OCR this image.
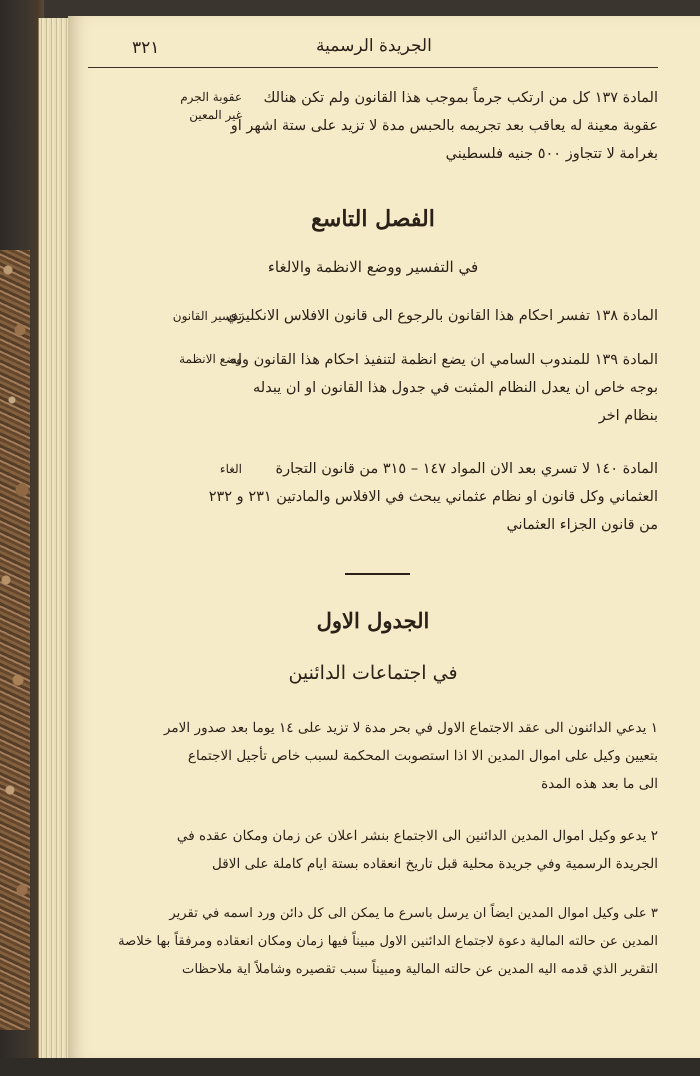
٣٢١	الجريدة الرسمية
المادة ١٣٧ كل من ارتكب جرماً بموجب هذا القانون ولم تكن هنالك
عقوبة معينة له يعاقب بعد تجريمه بالحبس مدة لا تزيد على ستة اشهر او
بغرامة لا تتجاوز ٥٠٠ جنيه فلسطيني
عقوبة الجرم
غير المعين
الفصل التاسع
في التفسير ووضع الانظمة والالغاء
المادة ١٣٨ تفسر احكام هذا القانون بالرجوع الى قانون الافلاس الانكليزي
تفسير القانون
المادة ١٣٩ للمندوب السامي ان يضع انظمة لتنفيذ احكام هذا القانون وله
بوجه خاص ان يعدل النظام المثبت في جدول هذا القانون او ان يبدله
بنظام اخر
وضع الانظمة
المادة ١٤٠ لا تسري بعد الان المواد ١٤٧ – ٣١٥ من قانون التجارة
العثماني وكل قانون او نظام عثماني يبحث في الافلاس والمادتين ٢٣١ و ٢٣٢
من قانون الجزاء العثماني
الغاء
الجدول الاول
في اجتماعات الدائنين
١ يدعي الدائنون الى عقد الاجتماع الاول في بحر مدة لا تزيد على ١٤ يوما بعد صدور الامر
بتعيين وكيل على اموال المدين الا اذا استصوبت المحكمة لسبب خاص تأجيل الاجتماع
الى ما بعد هذه المدة
٢ يدعو وكيل اموال المدين الدائنين الى الاجتماع بنشر اعلان عن زمان ومكان عقده في
الجريدة الرسمية وفي جريدة محلية قبل تاريخ انعقاده بستة ايام كاملة على الاقل
٣ على وكيل اموال المدين ايضاً ان يرسل باسرع ما يمكن الى كل دائن ورد اسمه في تقرير
المدين عن حالته المالية دعوة لاجتماع الدائنين الاول مبيناً فيها زمان ومكان انعقاده ومرفقاً بها خلاصة
التقرير الذي قدمه اليه المدين عن حالته المالية ومبيناً سبب تقصيره وشاملاً اية ملاحظات
